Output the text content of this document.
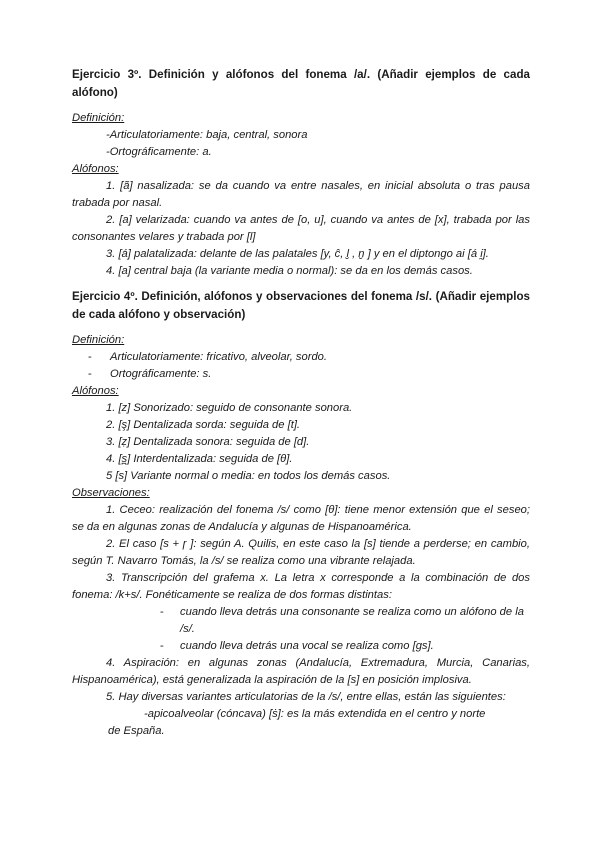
Ejercicio 3º. Definición y alófonos del fonema /a/. (Añadir ejemplos de cada alófono)

Definición:
-Articulatoriamente: baja, central, sonora
-Ortográficamente: a.
Alófonos:
1. [ã] nasalizada: se da cuando va entre nasales, en inicial absoluta o tras pausa trabada por nasal.
2. [a] velarizada: cuando va antes de [o, u], cuando va antes de [x], trabada por las consonantes velares y trabada por [l]
3. [á] palatalizada: delante de las palatales [y, ĉ, l̮ , n̮ ] y en el diptongo ai [á i̯].
4. [a] central baja (la variante media o normal): se da en los demás casos.

Ejercicio 4º. Definición, alófonos y observaciones del fonema /s/. (Añadir ejemplos de cada alófono y observación)

Definición:
-	Articulatoriamente: fricativo, alveolar, sordo.
-	Ortográficamente: s.
Alófonos:
1. [z] Sonorizado: seguido de consonante sonora.
2. [ş] Dentalizada sorda: seguida de [t].
3. [ẓ] Dentalizada sonora: seguida de [d].
4. [s̪] Interdentalizada: seguida de [θ].
5 [s] Variante normal o media: en todos los demás casos.
Observaciones:
1. Ceceo: realización del fonema /s/ como [θ]: tiene menor extensión que el seseo; se da en algunas zonas de Andalucía y algunas de Hispanoamérica.
2. El caso [s + ɼ ]: según A. Quilis, en este caso la [s] tiende a perderse; en cambio, según T. Navarro Tomás, la /s/ se realiza como una vibrante relajada.
3. Transcripción del grafema x. La letra x corresponde a la combinación de dos fonema: /k+s/. Fonéticamente se realiza de dos formas distintas:
-	cuando lleva detrás una consonante se realiza como un alófono de la /s/.
-	cuando lleva detrás una vocal se realiza como [ɡs].
4. Aspiración: en algunas zonas (Andalucía, Extremadura, Murcia, Canarias, Hispanoamérica), está generalizada la aspiración de la [s] en posición implosiva.
5. Hay diversas variantes articulatorias de la /s/, entre ellas, están las siguientes:
-apicoalveolar (cóncava) [ṡ]: es la más extendida en el centro y norte
de España.
